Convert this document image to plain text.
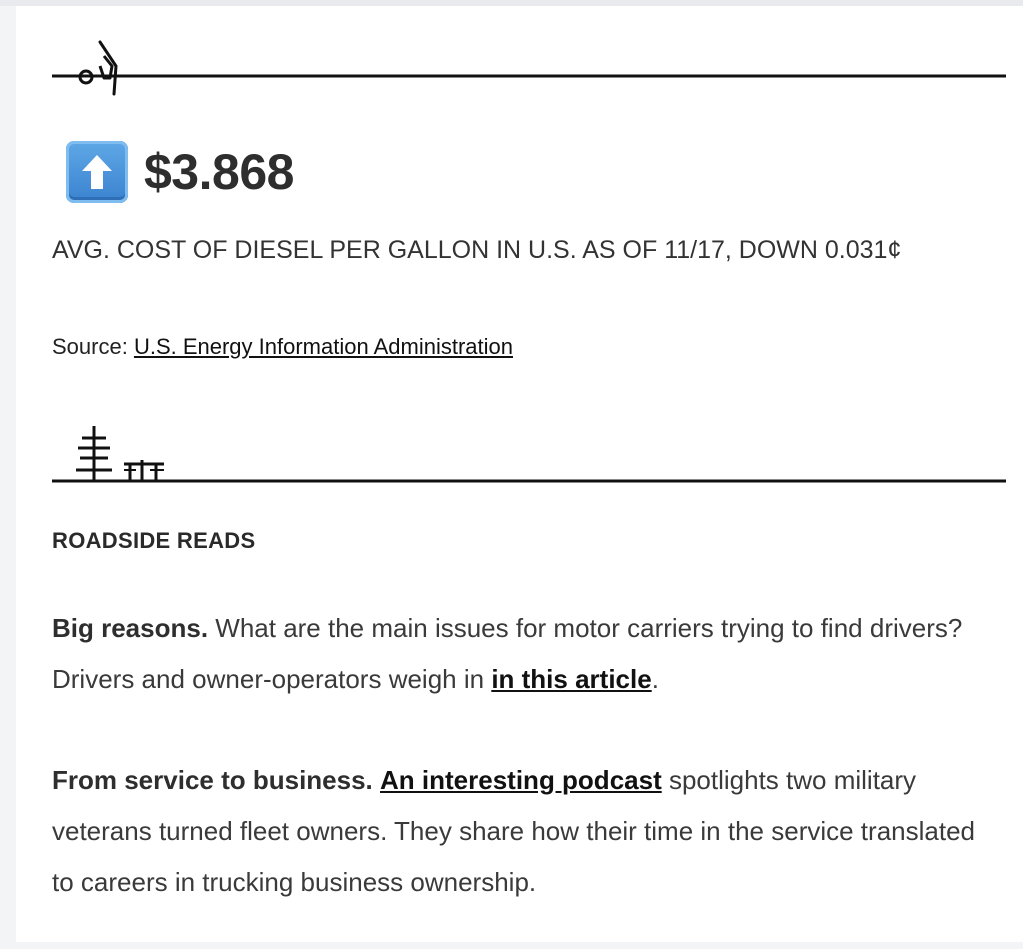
$3.868

AVG. COST OF DIESEL PER GALLON IN U.S. AS OF 11/17, DOWN 0.031¢

Source: U.S. Energy Information Administration

ROADSIDE READS

Big reasons. What are the main issues for motor carriers trying to find drivers? Drivers and owner-operators weigh in in this article.

From service to business. An interesting podcast spotlights two military veterans turned fleet owners. They share how their time in the service translated to careers in trucking business ownership.
